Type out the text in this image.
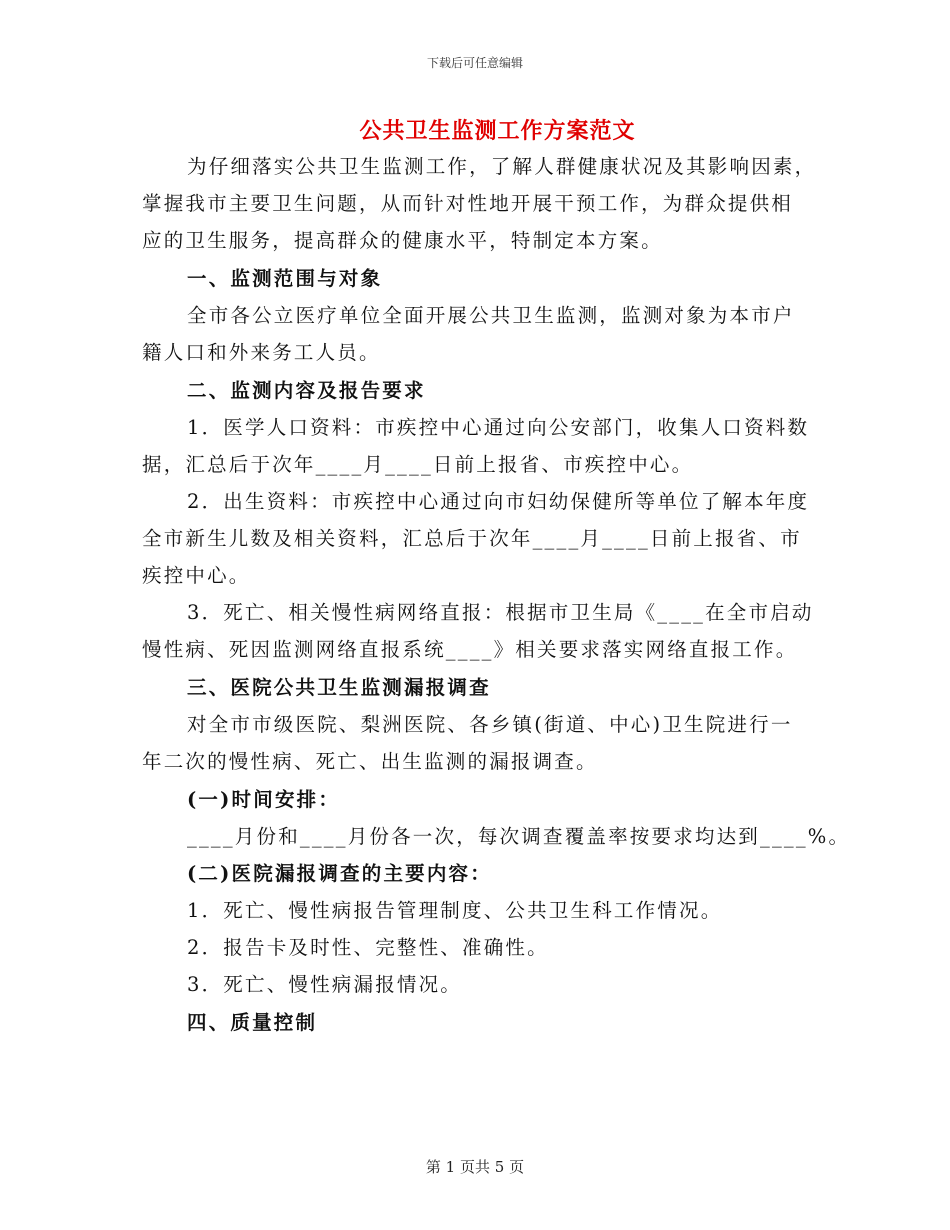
下载后可任意编辑
公共卫生监测工作方案范文
为仔细落实公共卫生监测工作，了解人群健康状况及其影响因素，
掌握我市主要卫生问题，从而针对性地开展干预工作，为群众提供相
应的卫生服务，提高群众的健康水平，特制定本方案。
一、监测范围与对象
全市各公立医疗单位全面开展公共卫生监测，监测对象为本市户
籍人口和外来务工人员。
二、监测内容及报告要求
1．医学人口资料：市疾控中心通过向公安部门，收集人口资料数
据，汇总后于次年____月____日前上报省、市疾控中心。
2．出生资料：市疾控中心通过向市妇幼保健所等单位了解本年度
全市新生儿数及相关资料，汇总后于次年____月____日前上报省、市
疾控中心。
3．死亡、相关慢性病网络直报：根据市卫生局《____在全市启动
慢性病、死因监测网络直报系统____》相关要求落实网络直报工作。
三、医院公共卫生监测漏报调查
对全市市级医院、梨洲医院、各乡镇(街道、中心)卫生院进行一
年二次的慢性病、死亡、出生监测的漏报调查。
(一)时间安排：
____月份和____月份各一次，每次调查覆盖率按要求均达到____%。
(二)医院漏报调查的主要内容：
1．死亡、慢性病报告管理制度、公共卫生科工作情况。
2．报告卡及时性、完整性、准确性。
3．死亡、慢性病漏报情况。
四、质量控制
第 1 页共 5 页
